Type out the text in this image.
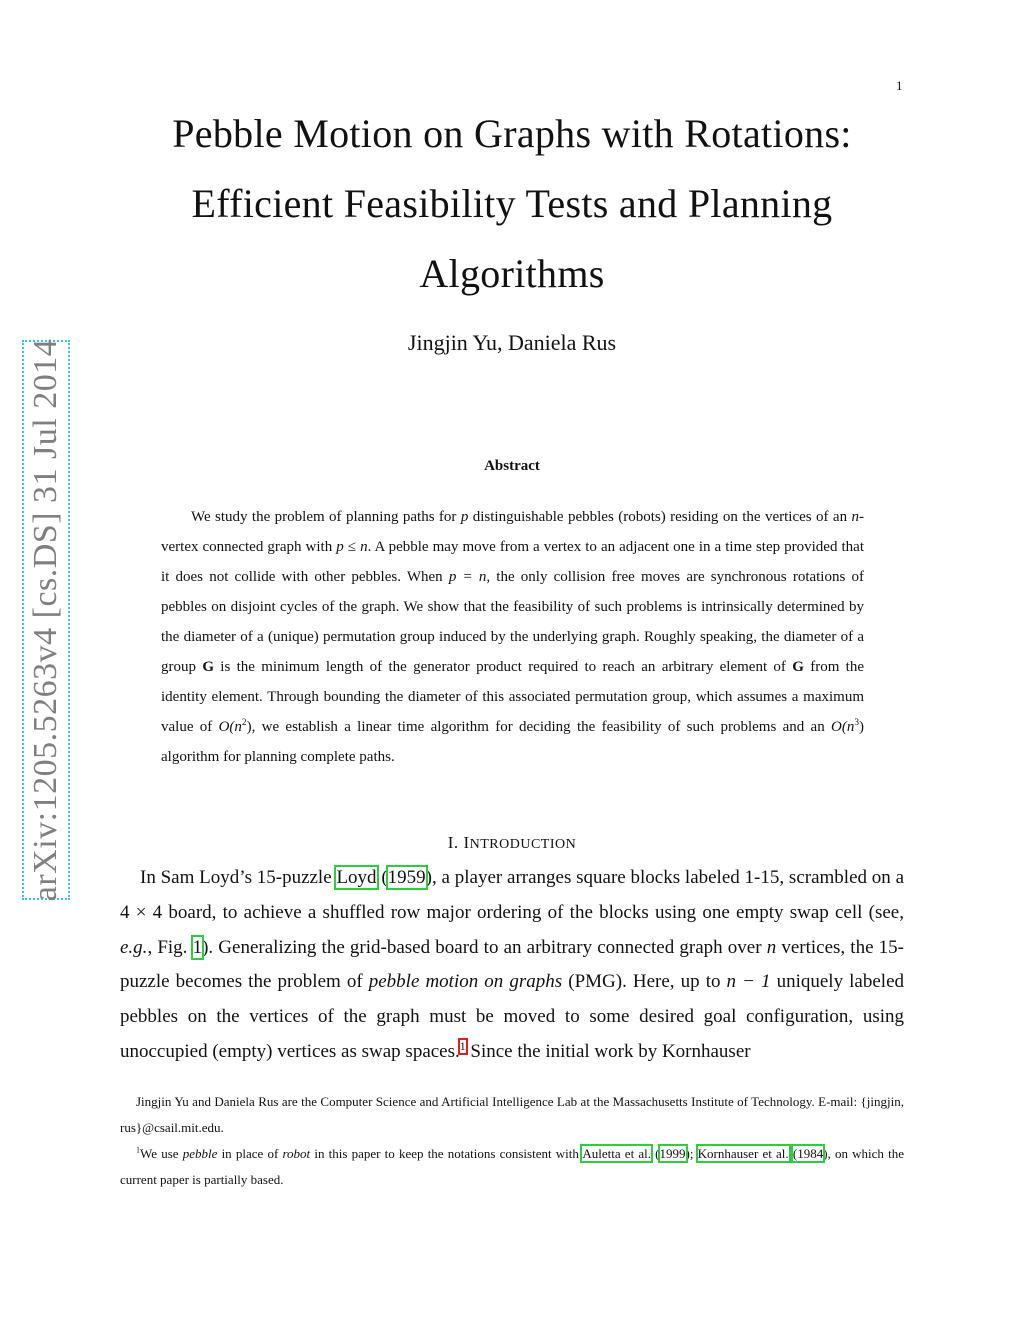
1
arXiv:1205.5263v4 [cs.DS] 31 Jul 2014
Pebble Motion on Graphs with Rotations:
Efficient Feasibility Tests and Planning
Algorithms
Jingjin Yu, Daniela Rus
Abstract
We study the problem of planning paths for p distinguishable pebbles (robots) residing on the vertices of an n-vertex connected graph with p ≤ n. A pebble may move from a vertex to an adjacent one in a time step provided that it does not collide with other pebbles. When p = n, the only collision free moves are synchronous rotations of pebbles on disjoint cycles of the graph. We show that the feasibility of such problems is intrinsically determined by the diameter of a (unique) permutation group induced by the underlying graph. Roughly speaking, the diameter of a group G is the minimum length of the generator product required to reach an arbitrary element of G from the identity element. Through bounding the diameter of this associated permutation group, which assumes a maximum value of $O(n^2)$, we establish a linear time algorithm for deciding the feasibility of such problems and an $O(n^3)$ algorithm for planning complete paths.
I. INTRODUCTION
In Sam Loyd’s 15-puzzle Loyd (1959), a player arranges square blocks labeled 1-15, scrambled on a 4 × 4 board, to achieve a shuffled row major ordering of the blocks using one empty swap cell (see, e.g., Fig. 1). Generalizing the grid-based board to an arbitrary connected graph over n vertices, the 15-puzzle becomes the problem of pebble motion on graphs (PMG). Here, up to n − 1 uniquely labeled pebbles on the vertices of the graph must be moved to some desired goal configuration, using unoccupied (empty) vertices as swap spaces.$^1$ Since the initial work by Kornhauser

Jingjin Yu and Daniela Rus are the Computer Science and Artificial Intelligence Lab at the Massachusetts Institute of Technology. E-mail: {jingjin, rus}@csail.mit.edu.

$^1$We use pebble in place of robot in this paper to keep the notations consistent with Auletta et al. (1999); Kornhauser et al. (1984), on which the current paper is partially based.
